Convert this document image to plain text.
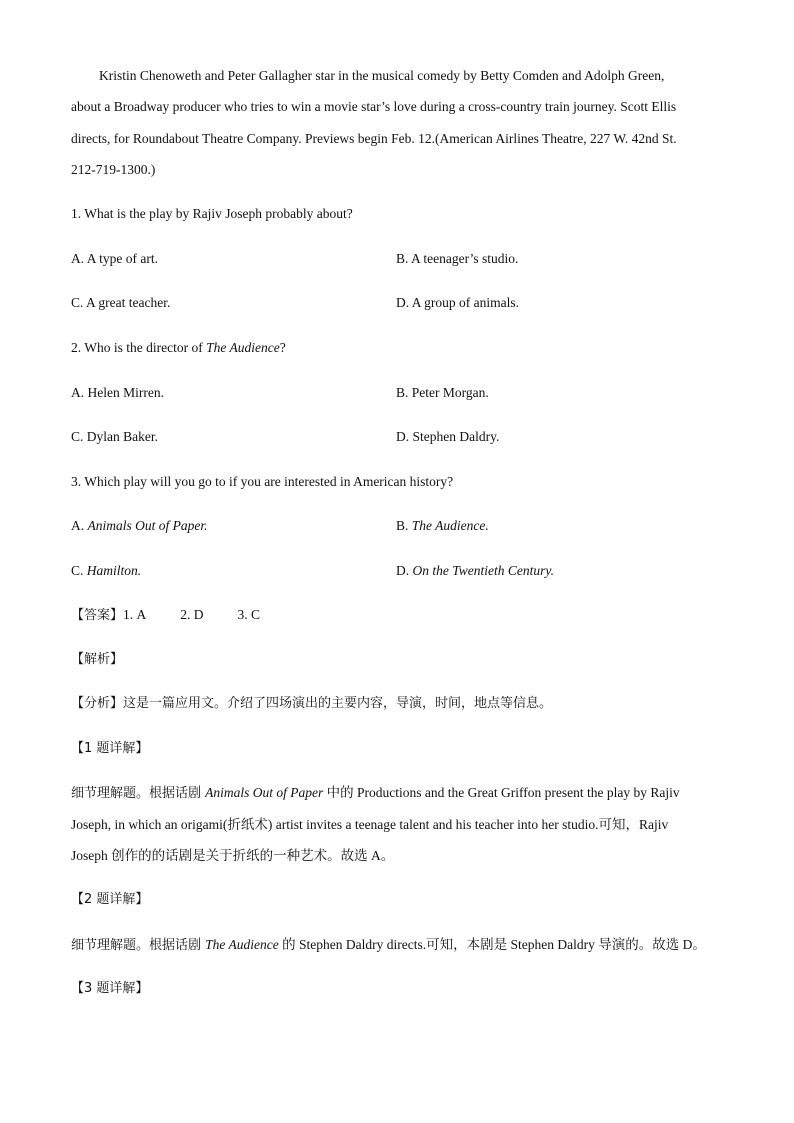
Kristin Chenoweth and Peter Gallagher star in the musical comedy by Betty Comden and Adolph Green,
about a Broadway producer who tries to win a movie star’s love during a cross-country train journey. Scott Ellis
directs, for Roundabout Theatre Company. Previews begin Feb. 12.(American Airlines Theatre, 227 W. 42nd St.
212-719-1300.)
1. What is the play by Rajiv Joseph probably about?
A. A type of art.	B. A teenager’s studio.
C. A great teacher.	D. A group of animals.
2. Who is the director of The Audience?
A. Helen Mirren.	B. Peter Morgan.
C. Dylan Baker.	D. Stephen Daldry.
3. Which play will you go to if you are interested in American history?
A. Animals Out of Paper.	B. The Audience.
C. Hamilton.	D. On the Twentieth Century.
【答案】1. A	2. D	3. C
【解析】
【分析】这是一篇应用文。介绍了四场演出的主要内容，导演，时间，地点等信息。
【1 题详解】
细节理解题。根据话剧 Animals Out of Paper 中的 Productions and the Great Griffon present the play by Rajiv
Joseph, in which an origami(折纸术) artist invites a teenage talent and his teacher into her studio.可知，Rajiv
Joseph 创作的的话剧是关于折纸的一种艺术。故选 A。
【2 题详解】
细节理解题。根据话剧 The Audience 的 Stephen Daldry directs.可知，本剧是 Stephen Daldry 导演的。故选 D。
【3 题详解】
